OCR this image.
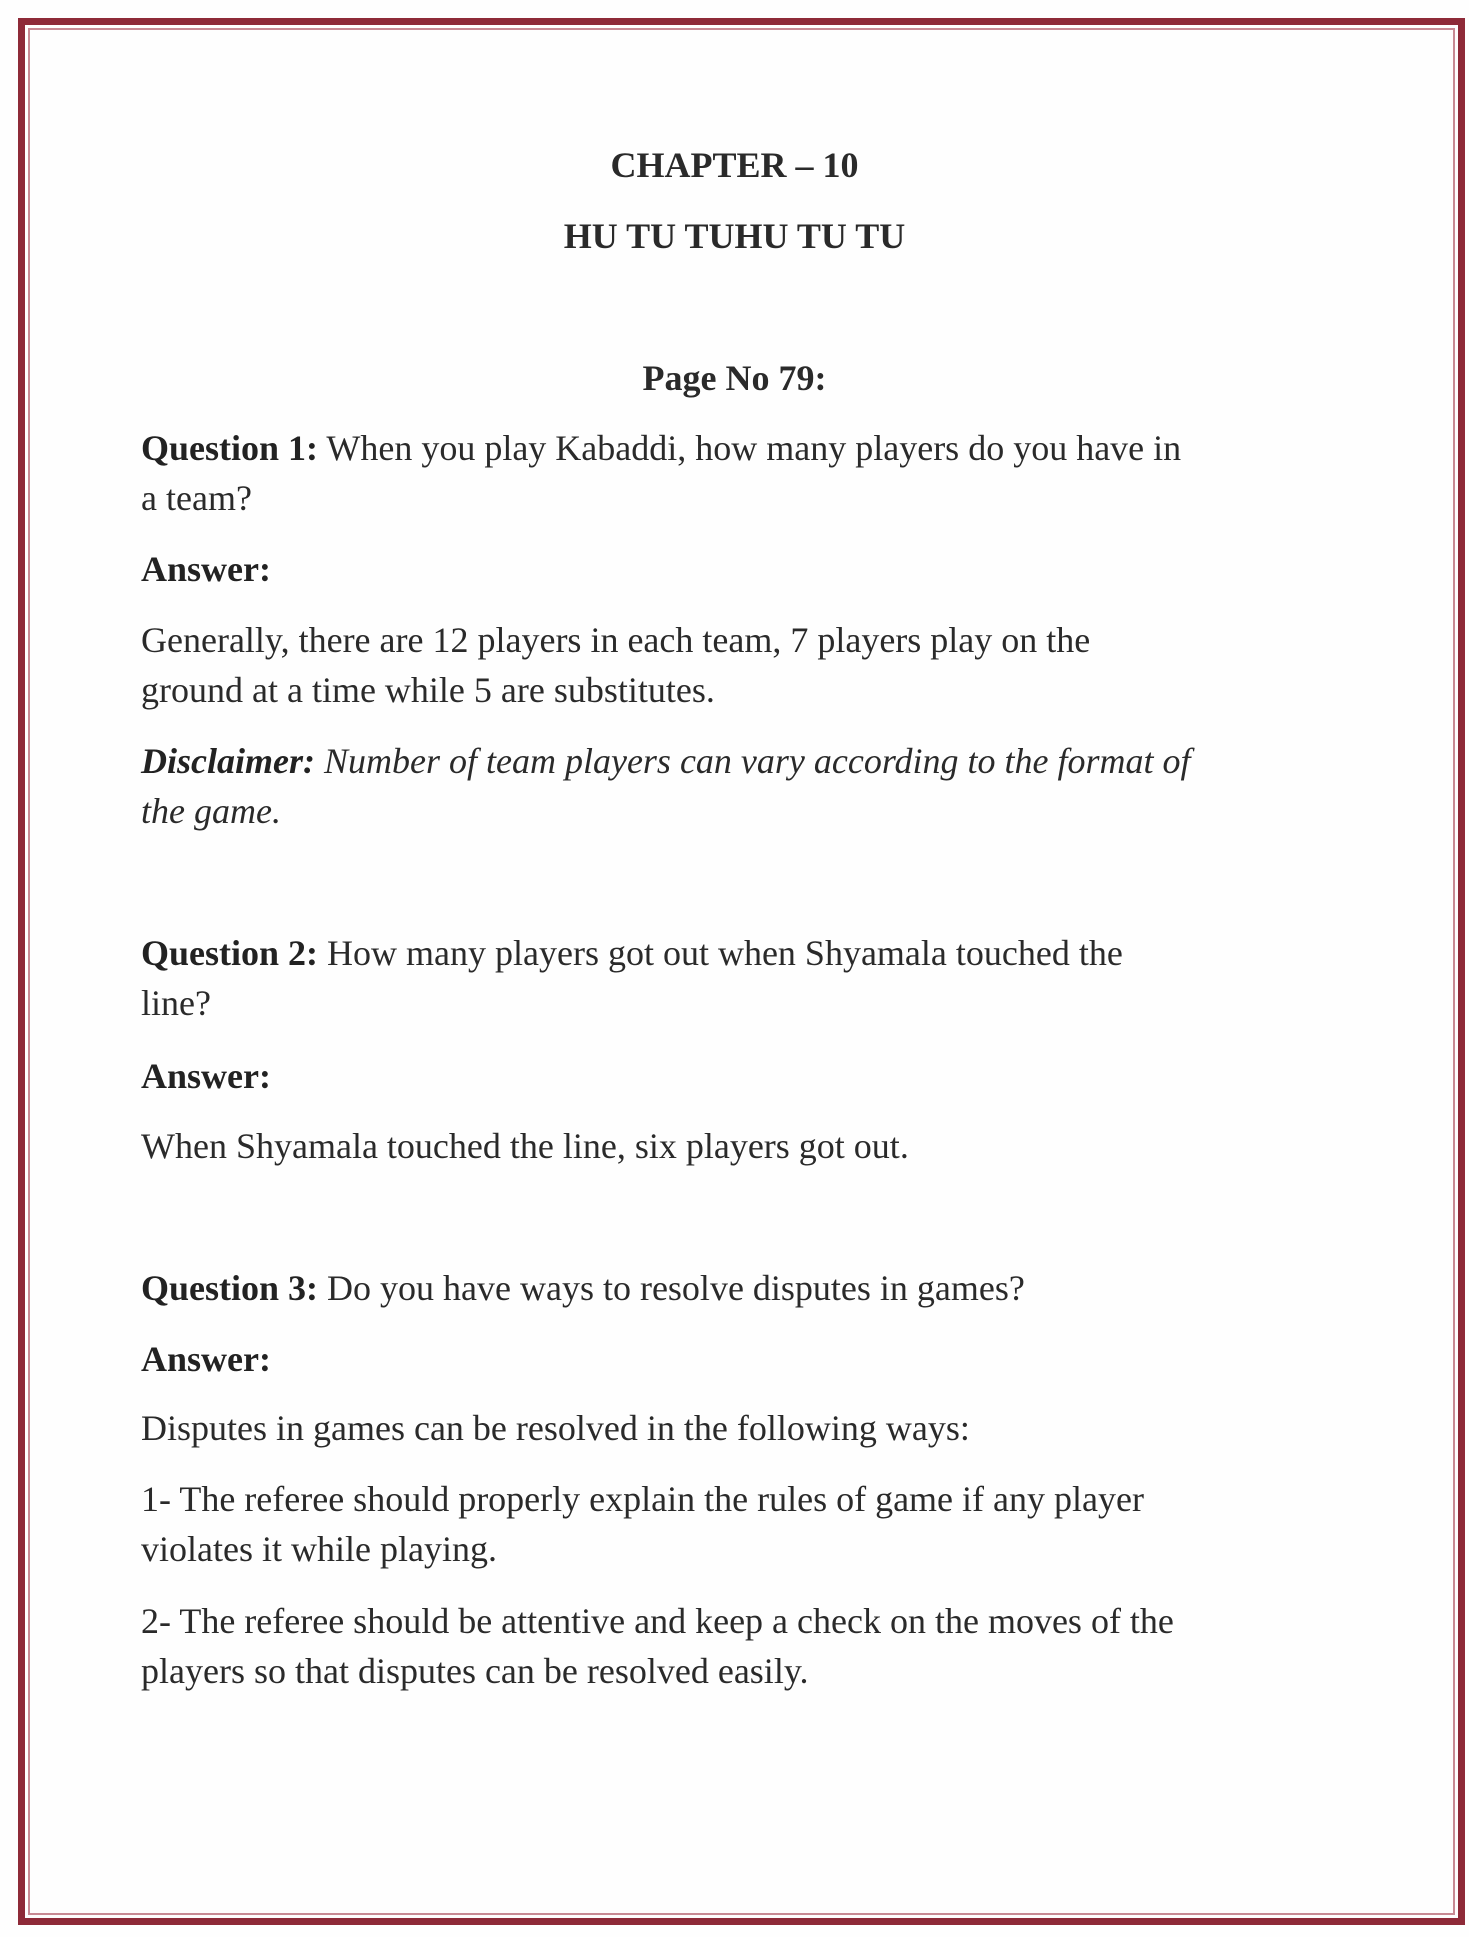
CHAPTER – 10
HU TU TUHU TU TU
Page No 79:
Question 1: When you play Kabaddi, how many players do you have in
a team?
Answer:
Generally, there are 12 players in each team, 7 players play on the
ground at a time while 5 are substitutes.
Disclaimer: Number of team players can vary according to the format of
the game.
Question 2: How many players got out when Shyamala touched the
line?
Answer:
When Shyamala touched the line, six players got out.
Question 3: Do you have ways to resolve disputes in games?
Answer:
Disputes in games can be resolved in the following ways:
1- The referee should properly explain the rules of game if any player
violates it while playing.
2- The referee should be attentive and keep a check on the moves of the
players so that disputes can be resolved easily.
